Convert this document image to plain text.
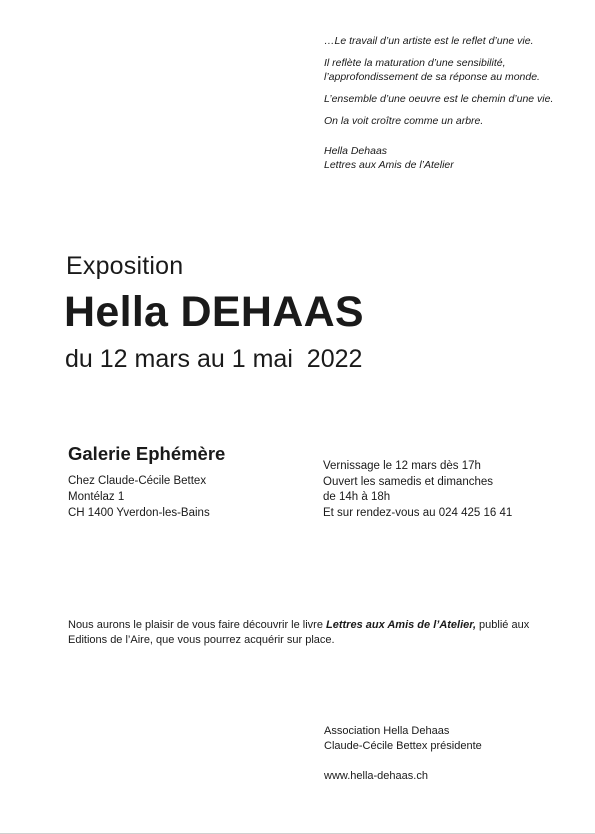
…Le travail d’un artiste est le reflet d’une vie.

Il reflète la maturation d’une sensibilité, l’approfondissement de sa réponse au monde.

L’ensemble d’une oeuvre est le chemin d’une vie.

On la voit croître comme un arbre.

Hella Dehaas
Lettres aux Amis de l’Atelier
Exposition
Hella DEHAAS
du 12 mars au 1 mai  2022
Galerie Ephémère
Chez Claude-Cécile Bettex
Montélaz 1
CH 1400 Yverdon-les-Bains
Vernissage le 12 mars dès 17h
Ouvert les samedis et dimanches
de 14h à 18h
Et sur rendez-vous au 024 425 16 41

Nous aurons le plaisir de vous faire découvrir le livre Lettres aux Amis de l’Atelier, publié aux Editions de l’Aire, que vous pourrez acquérir sur place.

Association Hella Dehaas
Claude-Cécile Bettex présidente
www.hella-dehaas.ch
